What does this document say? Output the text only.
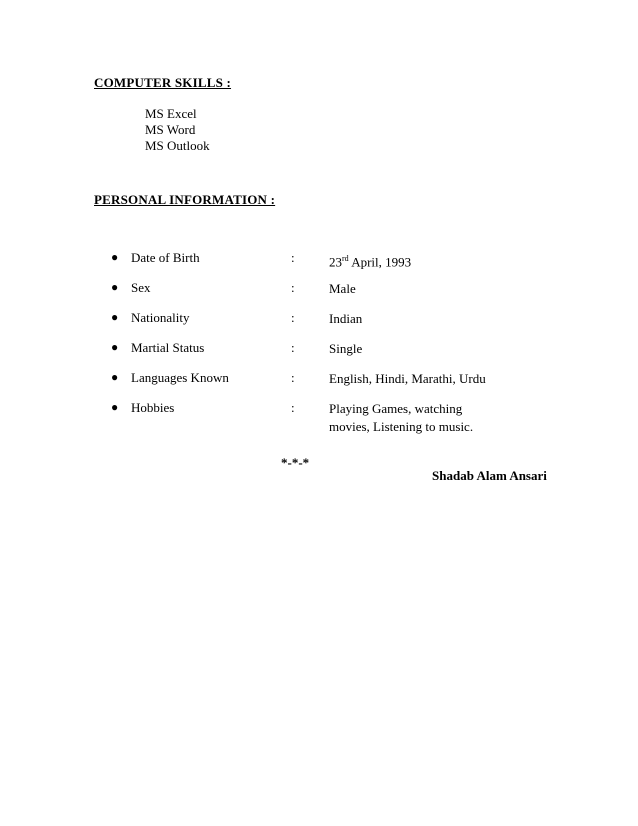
COMPUTER SKILLS :
MS Excel
MS Word
MS Outlook
PERSONAL INFORMATION :
● Date of Birth	:	23rd April, 1993
● Sex	:	Male
● Nationality	:	Indian
● Martial Status	:	Single
● Languages Known	:	English, Hindi, Marathi, Urdu
● Hobbies	:	Playing Games, watching movies, Listening to music.
*-*-*
Shadab Alam Ansari
